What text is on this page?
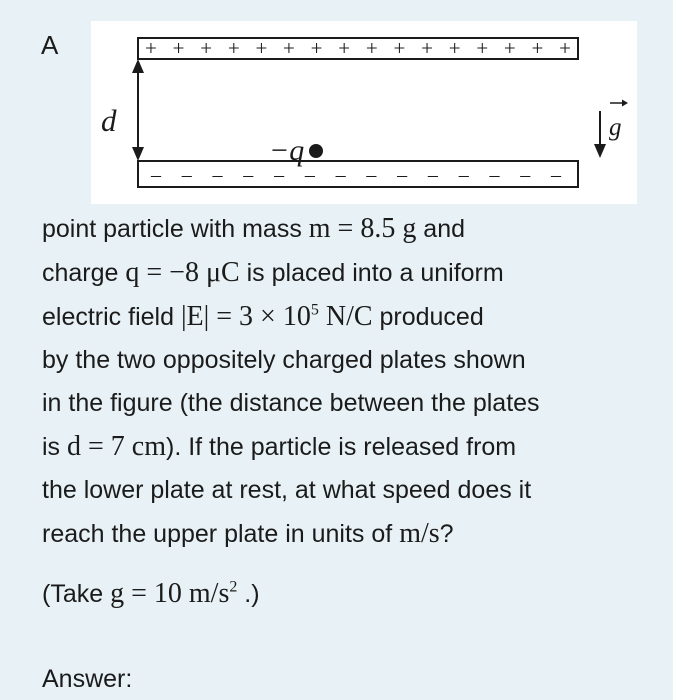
A	+ + + + + + + + + + + + + + + +
– – – – – – – – – – – – – –
d
−q
g

point particle with mass m = 8.5 g and

charge q = −8 μC is placed into a uniform

electric field $|E| = 3 \times 10^5$ N/C produced

by the two oppositely charged plates shown

in the figure (the distance between the plates

is d = 7 cm). If the particle is released from

the lower plate at rest, at what speed does it

reach the upper plate in units of m/s?

(Take g = 10 $m/s^2$ .)
Answer:
